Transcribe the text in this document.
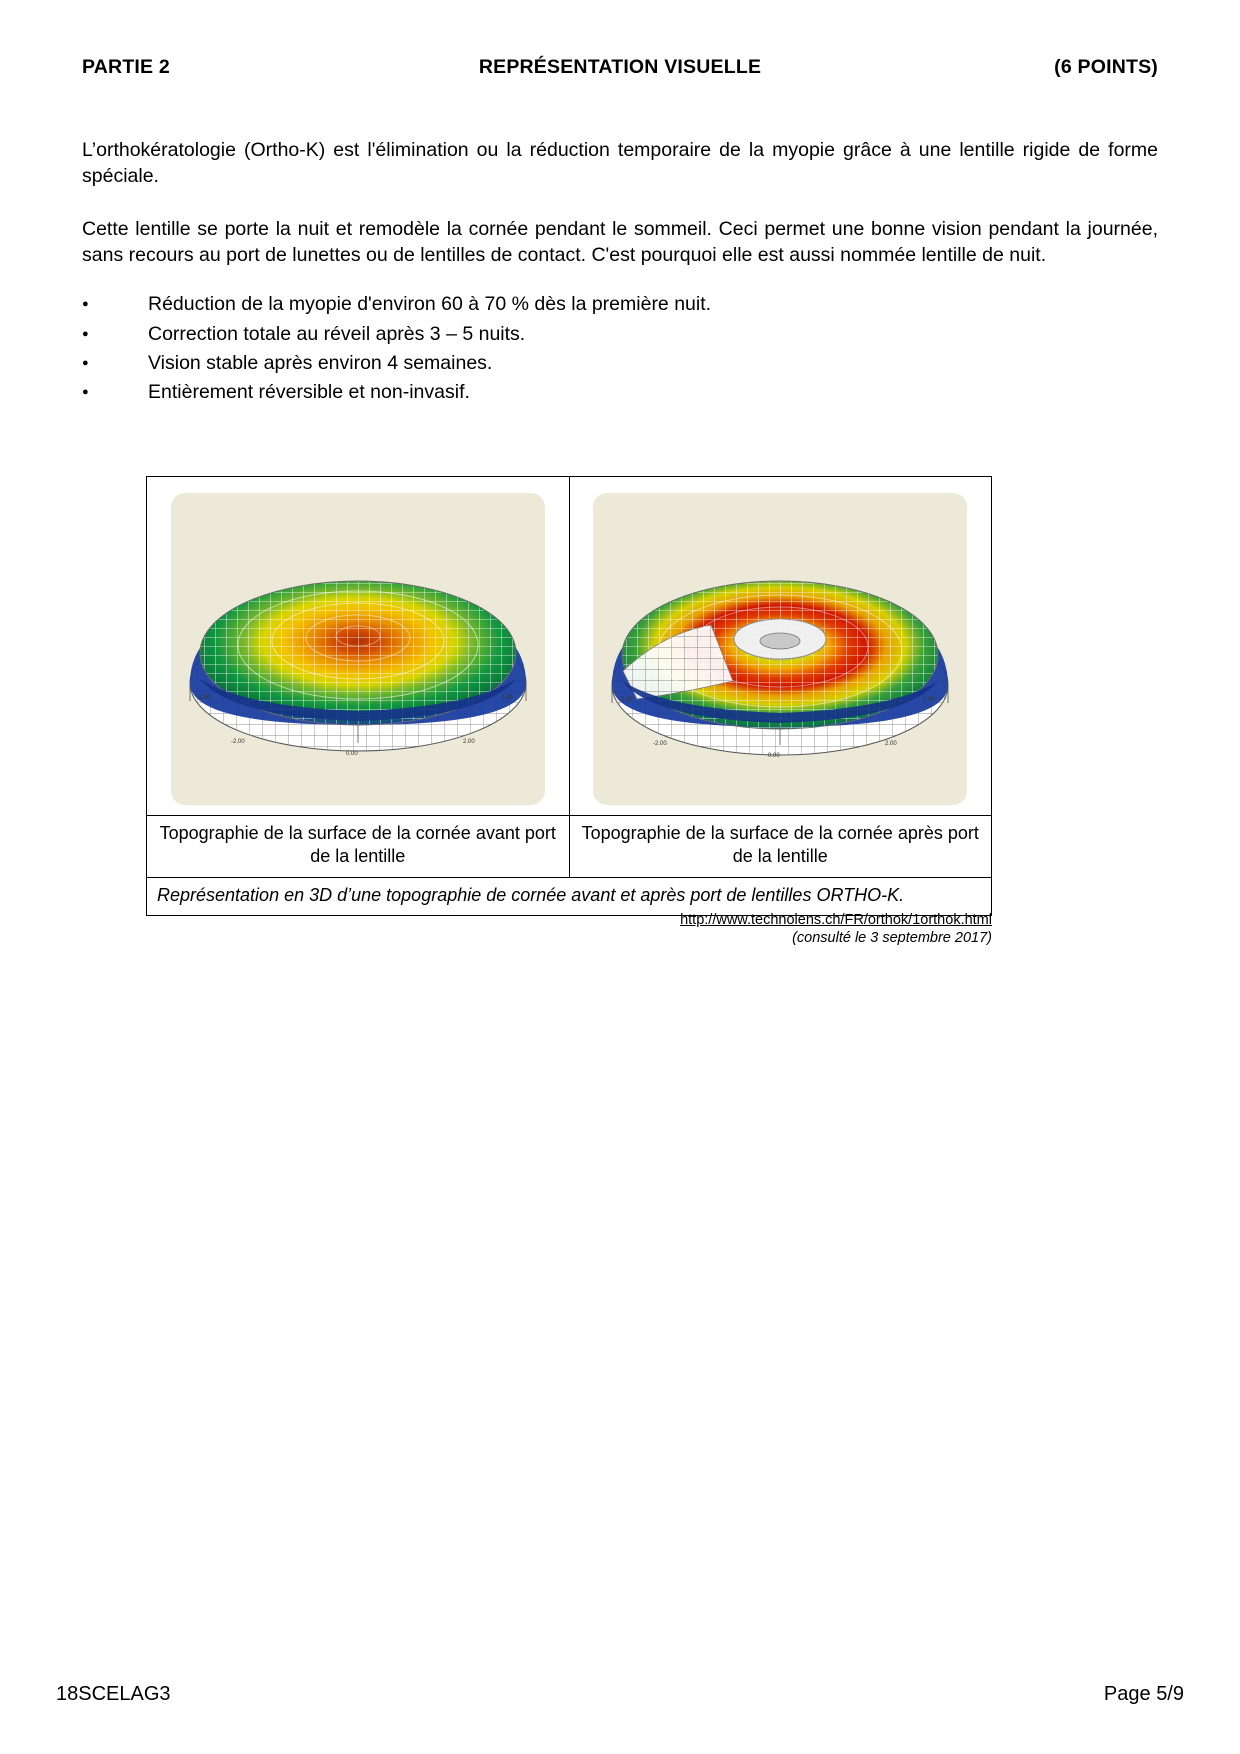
PARTIE 2	REPRÉSENTATION VISUELLE	(6 POINTS)

L’orthokératologie (Ortho-K) est l'élimination ou la réduction temporaire de la myopie grâce à une lentille rigide de forme spéciale.

Cette lentille se porte la nuit et remodèle la cornée pendant le sommeil. Ceci permet une bonne vision pendant la journée, sans recours au port de lunettes ou de lentilles de contact. C'est pourquoi elle est aussi nommée lentille de nuit.

● Réduction de la myopie d'environ 60 à 70 % dès la première nuit.
● Correction totale au réveil après 3 – 5 nuits.
● Vision stable après environ 4 semaines.
● Entièrement réversible et non-invasif.
-2.00
0.00
2.00
2.00
-2.00	-2.00
0.00
2.00
2.00
-2.00

Topographie de la surface de la cornée avant port de la lentille	Topographie de la surface de la cornée après port de la lentille
Représentation en 3D d’une topographie de cornée avant et après port de lentilles ORTHO-K.	
http://www.technolens.ch/FR/orthok/1orthok.html
(consulté le 3 septembre 2017)
18SCELAG3	Page 5/9
